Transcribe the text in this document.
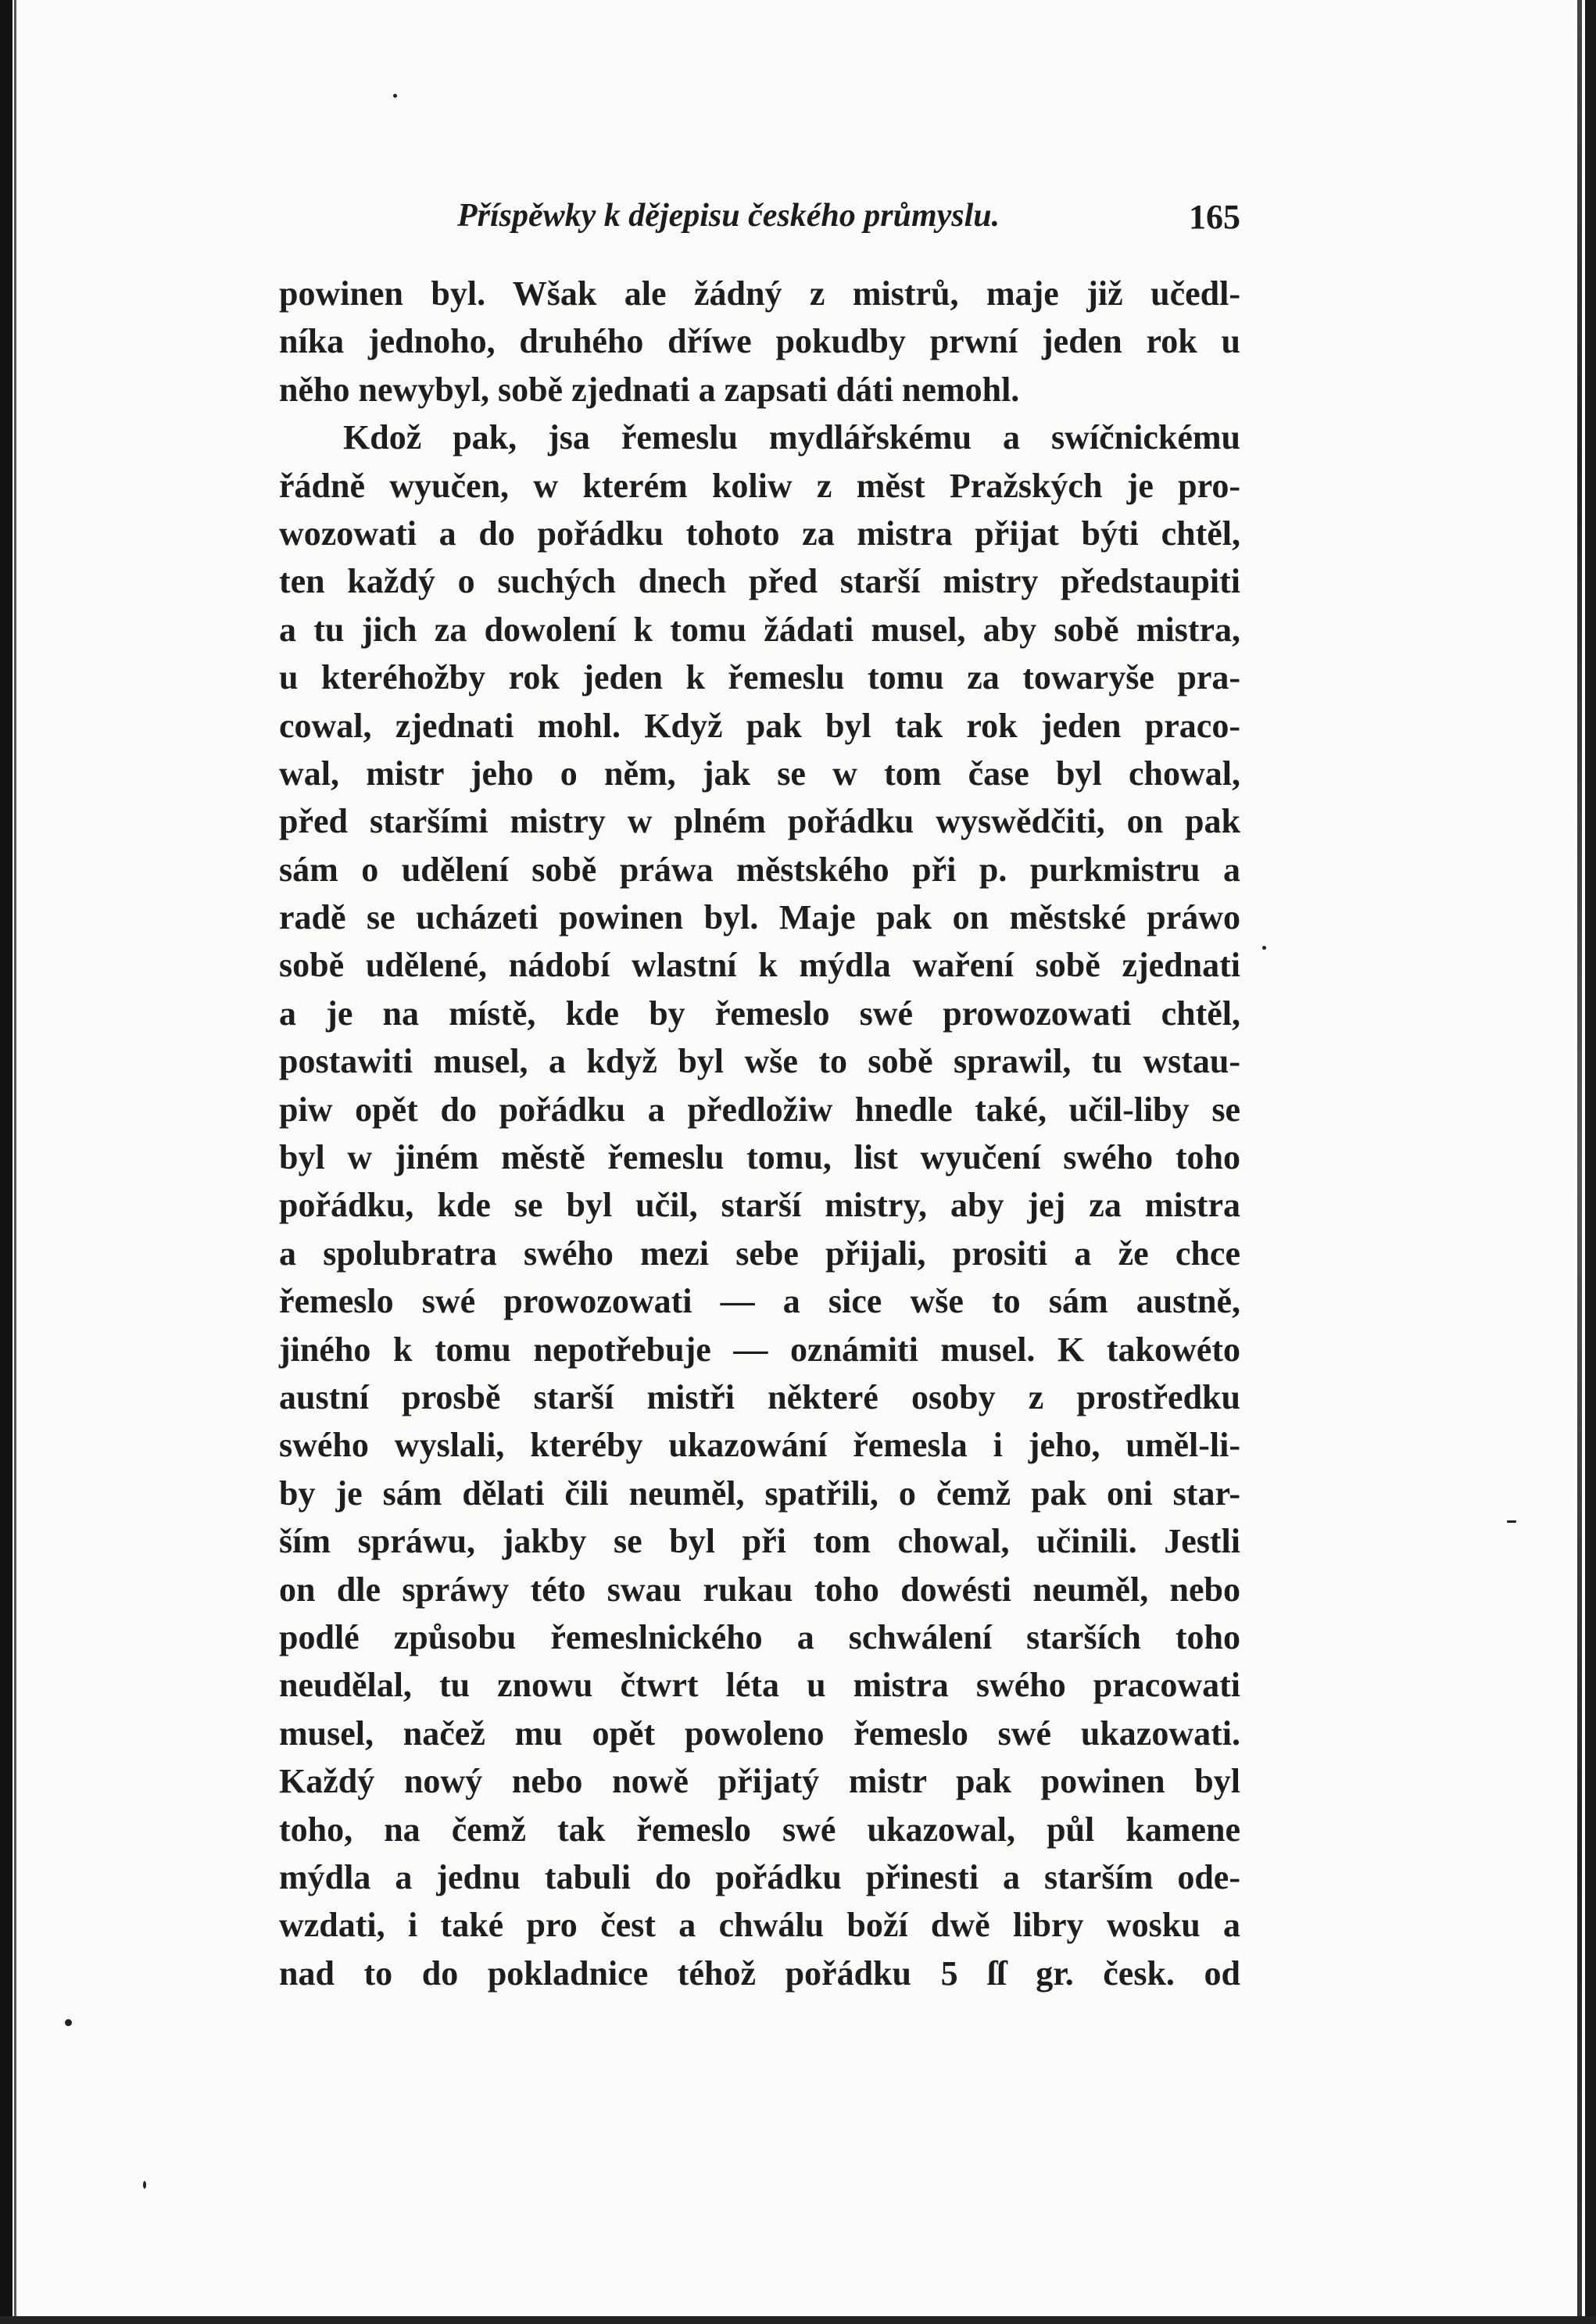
Příspěwky k dějepisu českého průmyslu.	165
powinen byl. Wšak ale žádný z mistrů, maje již učedl-
níka jednoho, druhého dříwe pokudby prwní jeden rok u
něho newybyl, sobě zjednati a zapsati dáti nemohl.
Kdož pak, jsa řemeslu mydlářskému a swíčnickému
řádně wyučen, w kterém koliw z měst Pražských je pro-
wozowati a do pořádku tohoto za mistra přijat býti chtěl,
ten každý o suchých dnech před starší mistry předstaupiti
a tu jich za dowolení k tomu žádati musel, aby sobě mistra,
u kteréhožby rok jeden k řemeslu tomu za towaryše pra-
cowal, zjednati mohl. Když pak byl tak rok jeden praco-
wal, mistr jeho o něm, jak se w tom čase byl chowal,
před staršími mistry w plném pořádku wyswědčiti, on pak
sám o udělení sobě práwa městského při p. purkmistru a
radě se ucházeti powinen byl. Maje pak on městské práwo
sobě udělené, nádobí wlastní k mýdla waření sobě zjednati
a je na místě, kde by řemeslo swé prowozowati chtěl,
postawiti musel, a když byl wše to sobě sprawil, tu wstau-
piw opět do pořádku a předložiw hnedle také, učil-liby se
byl w jiném městě řemeslu tomu, list wyučení swého toho
pořádku, kde se byl učil, starší mistry, aby jej za mistra
a spolubratra swého mezi sebe přijali, prositi a že chce
řemeslo swé prowozowati — a sice wše to sám austně,
jiného k tomu nepotřebuje — oznámiti musel. K takowéto
austní prosbě starší mistři některé osoby z prostředku
swého wyslali, kteréby ukazowání řemesla i jeho, uměl-li-
by je sám dělati čili neuměl, spatřili, o čemž pak oni star-
ším spráwu, jakby se byl při tom chowal, učinili. Jestli
on dle spráwy této swau rukau toho dowésti neuměl, nebo
podlé způsobu řemeslnického a schwálení starších toho
neudělal, tu znowu čtwrt léta u mistra swého pracowati
musel, načež mu opět powoleno řemeslo swé ukazowati.
Každý nowý nebo nowě přijatý mistr pak powinen byl
toho, na čemž tak řemeslo swé ukazowal, půl kamene
mýdla a jednu tabuli do pořádku přinesti a starším ode-
wzdati, i také pro čest a chwálu boží dwě libry wosku a
nad to do pokladnice téhož pořádku 5 ſſ gr. česk. od
